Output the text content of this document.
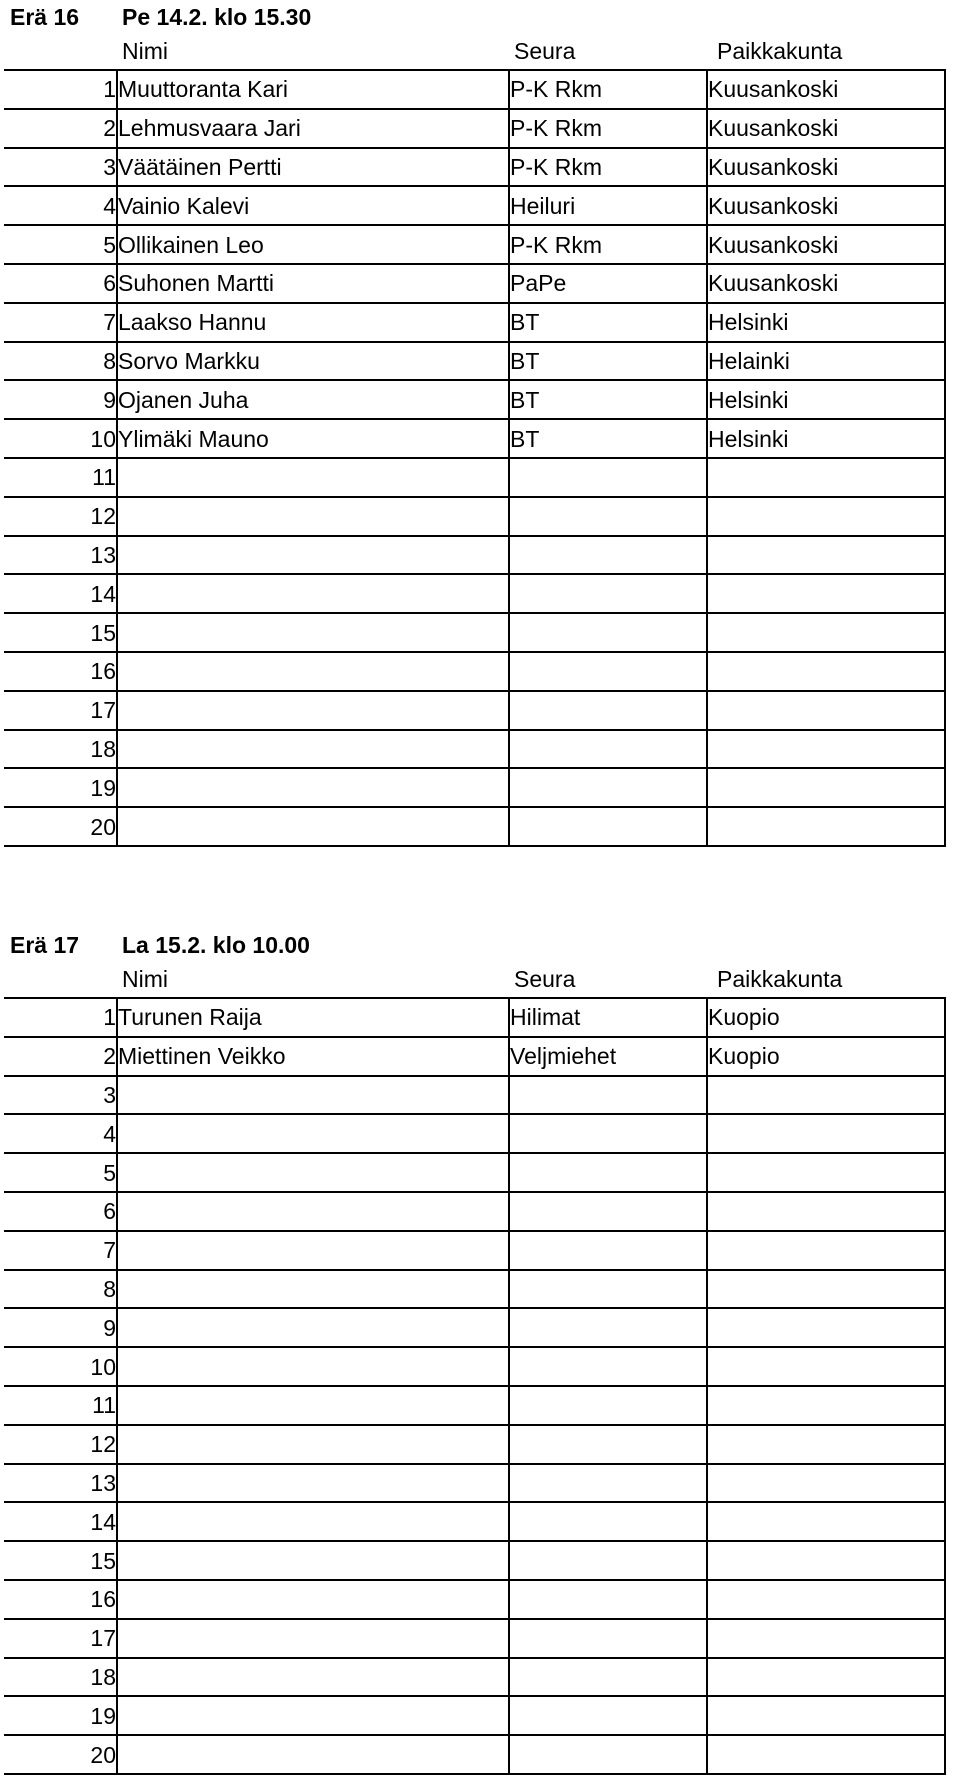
Erä 16 Pe 14.2. klo 15.30
Nimi	Seura	Paikkakunta
1	Muuttoranta Kari	P-K Rkm	Kuusankoski
2	Lehmusvaara Jari	P-K Rkm	Kuusankoski
3	Väätäinen Pertti	P-K Rkm	Kuusankoski
4	Vainio Kalevi	Heiluri	Kuusankoski
5	Ollikainen Leo	P-K Rkm	Kuusankoski
6	Suhonen Martti	PaPe	Kuusankoski
7	Laakso Hannu	BT	Helsinki
8	Sorvo Markku	BT	Helainki
9	Ojanen Juha	BT	Helsinki
10	Ylimäki Mauno	BT	Helsinki
11			
12			
13			
14			
15			
16			
17			
18			
19			
20			
Erä 17 La 15.2. klo 10.00
Nimi	Seura	Paikkakunta
1	Turunen Raija	Hilimat	Kuopio
2	Miettinen Veikko	Veljmiehet	Kuopio
3			
4			
5			
6			
7			
8			
9			
10			
11			
12			
13			
14			
15			
16			
17			
18			
19			
20			
